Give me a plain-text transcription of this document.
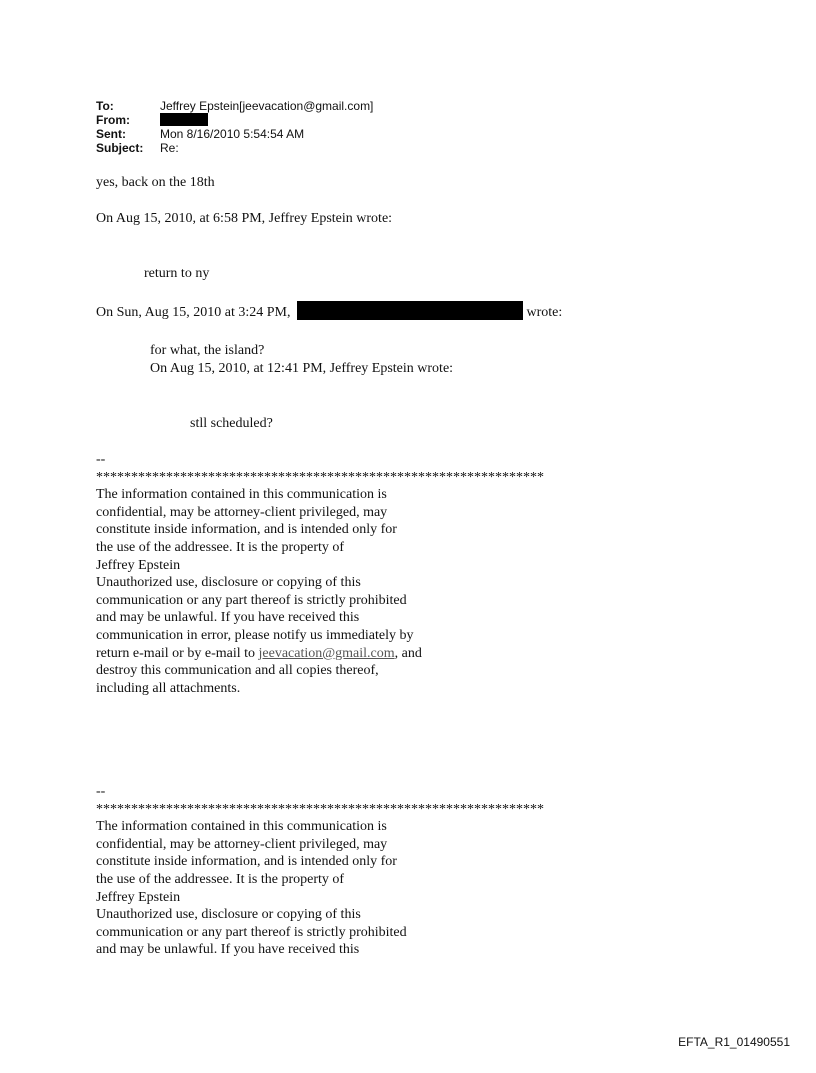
To:	Jeffrey Epstein[jeevacation@gmail.com]
From:
Sent:	Mon 8/16/2010 5:54:54 AM
Subject:	Re:
yes, back on the 18th
On Aug 15, 2010, at 6:58 PM, Jeffrey Epstein wrote:
return to ny
On Sun, Aug 15, 2010 at 3:24 PM,	wrote:
for what, the island?
On Aug 15, 2010, at 12:41 PM, Jeffrey Epstein wrote:
stll scheduled?
--
****************************************************************
The information contained in this communication is
confidential, may be attorney-client privileged, may
constitute inside information, and is intended only for
the use of the addressee. It is the property of
Jeffrey Epstein
Unauthorized use, disclosure or copying of this
communication or any part thereof is strictly prohibited
and may be unlawful. If you have received this
communication in error, please notify us immediately by
return e-mail or by e-mail to jeevacation@gmail.com, and
destroy this communication and all copies thereof,
including all attachments.
--
****************************************************************
The information contained in this communication is
confidential, may be attorney-client privileged, may
constitute inside information, and is intended only for
the use of the addressee. It is the property of
Jeffrey Epstein
Unauthorized use, disclosure or copying of this
communication or any part thereof is strictly prohibited
and may be unlawful. If you have received this
EFTA_R1_01490551
